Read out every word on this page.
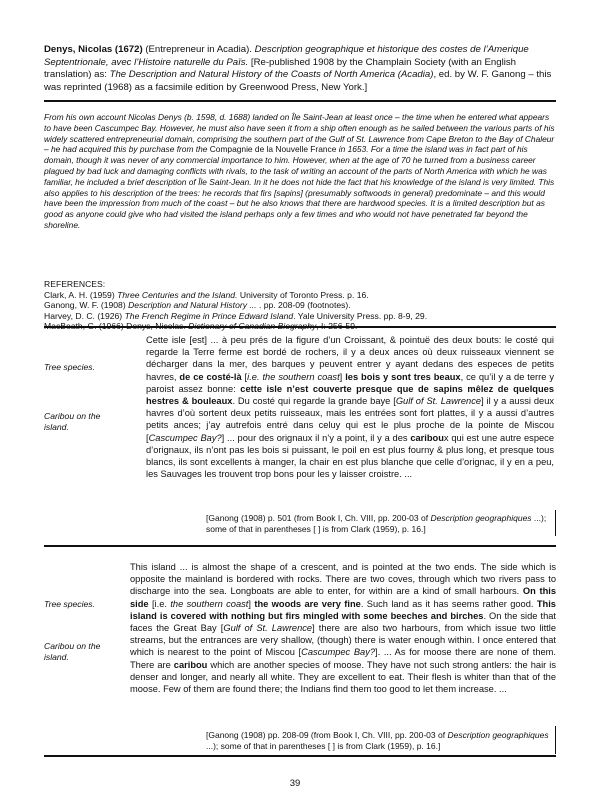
Denys, Nicolas (1672) (Entrepreneur in Acadia). Description geographique et historique des costes de l’Amerique Septentrionale, avec l’Histoire naturelle du Païs. [Re-published 1908 by the Champlain Society (with an English translation) as: The Description and Natural History of the Coasts of North America (Acadia), ed. by W. F. Ganong – this was reprinted (1968) as a facsimile edition by Greenwood Press, New York.]
From his own account Nicolas Denys (b. 1598, d. 1688) landed on Île Saint-Jean at least once – the time when he entered what appears to have been Cascumpec Bay. However, he must also have seen it from a ship often enough as he sailed between the various parts of his widely scattered entrepreneurial domain, comprising the southern part of the Gulf of St. Lawrence from Cape Breton to the Bay of Chaleur – he had acquired this by purchase from the Compagnie de la Nouvelle France in 1653. For a time the island was in fact part of his domain, though it was never of any commercial importance to him. However, when at the age of 70 he turned from a business career plagued by bad luck and damaging conflicts with rivals, to the task of writing an account of the parts of North America with which he was familiar, he included a brief description of Île Saint-Jean. In it he does not hide the fact that his knowledge of the island is very limited. This also applies to his description of the trees: he records that firs [sapins] (presumably softwoods in general) predominate – and this would have been the impression from much of the coast – but he also knows that there are hardwood species. It is a limited description but as good as anyone could give who had visited the island perhaps only a few times and who would not have penetrated far beyond the shoreline.
REFERENCES:
Clark, A. H. (1959) Three Centuries and the Island. University of Toronto Press. p. 16.
Ganong, W. F. (1908) Description and Natural History ... . pp. 208-09 (footnotes).
Harvey, D. C. (1926) The French Regime in Prince Edward Island. Yale University Press. pp. 8-9, 29.
MacBeath, G. (1966) Denys, Nicolas. Dictionary of Canadian Biography, I: 256-59.
Tree species.
Caribou on the island.
Cette isle [est] ... à peu prés de la figure d’un Croissant, & pointuë des deux bouts: le costé qui regarde la Terre ferme est bordé de rochers, il y a deux ances où deux ruisseaux viennent se décharger dans la mer, des barques y peuvent entrer y ayant dedans des especes de petits havres, de ce costé-là [i.e. the southern coast] les bois y sont tres beaux, ce qu’il y a de terre y paroist assez bonne: cette isle n’est couverte presque que de sapins mêlez de quelques hestres & bouleaux. Du costé qui regarde la grande baye [Gulf of St. Lawrence] il y a aussi deux havres d’où sortent deux petits ruisseaux, mais les entrées sont fort plattes, il y a aussi d’autres petits ances; j’ay autrefois entré dans celuy qui est le plus proche de la pointe de Miscou [Cascumpec Bay?] ... pour des orignaux il n’y a point, il y a des cariboux qui est une autre espece d’orignaux, ils n’ont pas les bois si puissant, le poil en est plus fourny & plus long, et presque tous blancs, ils sont excellents à manger, la chair en est plus blanche que celle d’orignac, il y en a peu, les Sauvages les trouvent trop bons pour les y laisser croistre. ...
[Ganong (1908) p. 501 (from Book I, Ch. VIII, pp. 200-03 of Description geographiques ...); some of that in parentheses [ ] is from Clark (1959), p. 16.]
Tree species.
Caribou on the island.
This island ... is almost the shape of a crescent, and is pointed at the two ends. The side which is opposite the mainland is bordered with rocks. There are two coves, through which two rivers pass to discharge into the sea. Longboats are able to enter, for within are a kind of small harbours. On this side [i.e. the southern coast] the woods are very fine. Such land as it has seems rather good. This island is covered with nothing but firs mingled with some beeches and birches. On the side that faces the Great Bay [Gulf of St. Lawrence] there are also two harbours, from which issue two little streams, but the entrances are very shallow, (though) there is water enough within. I once entered that which is nearest to the point of Miscou [Cascumpec Bay?]. ... As for moose there are none of them. There are caribou which are another species of moose. They have not such strong antlers: the hair is denser and longer, and nearly all white. They are excellent to eat. Their flesh is whiter than that of the moose. Few of them are found there; the Indians find them too good to let them increase. ...
[Ganong (1908) pp. 208-09 (from Book I, Ch. VIII, pp. 200-03 of Description geographiques ...); some of that in parentheses [ ] is from Clark (1959), p. 16.]
39
